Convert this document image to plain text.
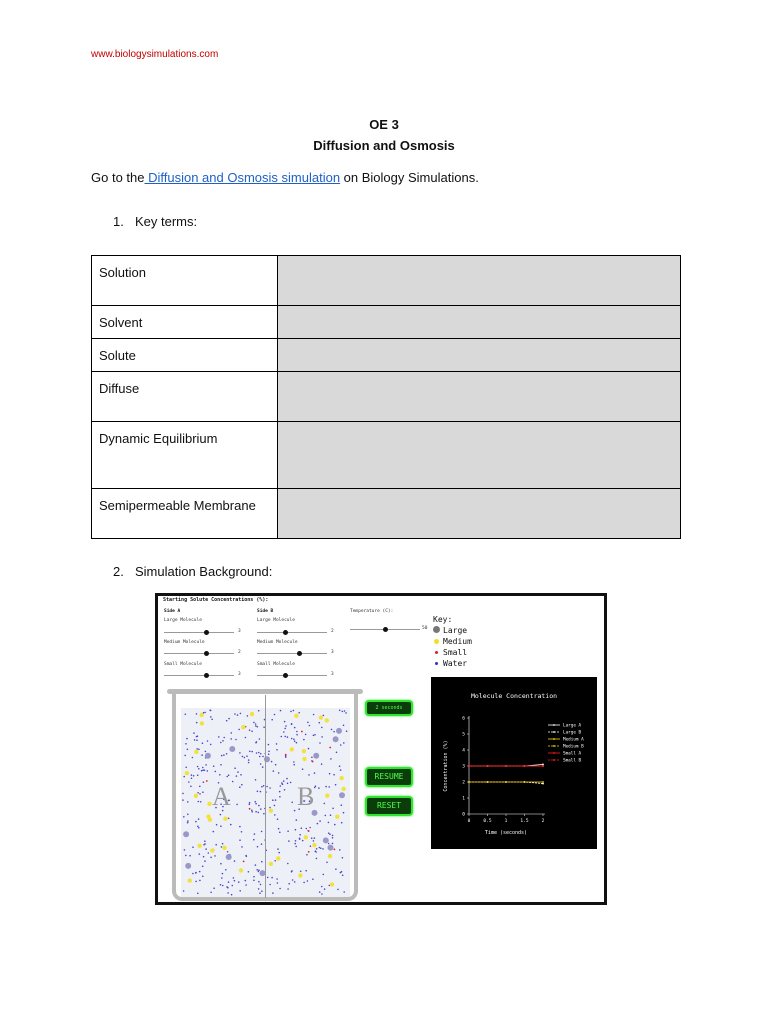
www.biologysimulations.com
OE 3
Diffusion and Osmosis
Go to the Diffusion and Osmosis simulation on Biology Simulations.
1. Key terms:
Solution	
Solvent	
Solute	
Diffuse	
Dynamic Equilibrium	
Semipermeable Membrane	
2. Simulation Background:
Starting Solute Concentrations (%):
Side A
Large Molecule
3
Medium Molecule
2
Small Molecule
3
Side B
Large Molecule
2
Medium Molecule
3
Small Molecule
3
Temperature (C):
50
Key:
Large
Medium
Small
Water
A	B
2 seconds
RESUME
RESET
Molecule Concentration
0
1
2
3
4
5
6
0	0.5	1	1.5	2
Time (seconds)
Concentration (%)
Large A
Large B
Medium A
Medium B
Small A
Small B
